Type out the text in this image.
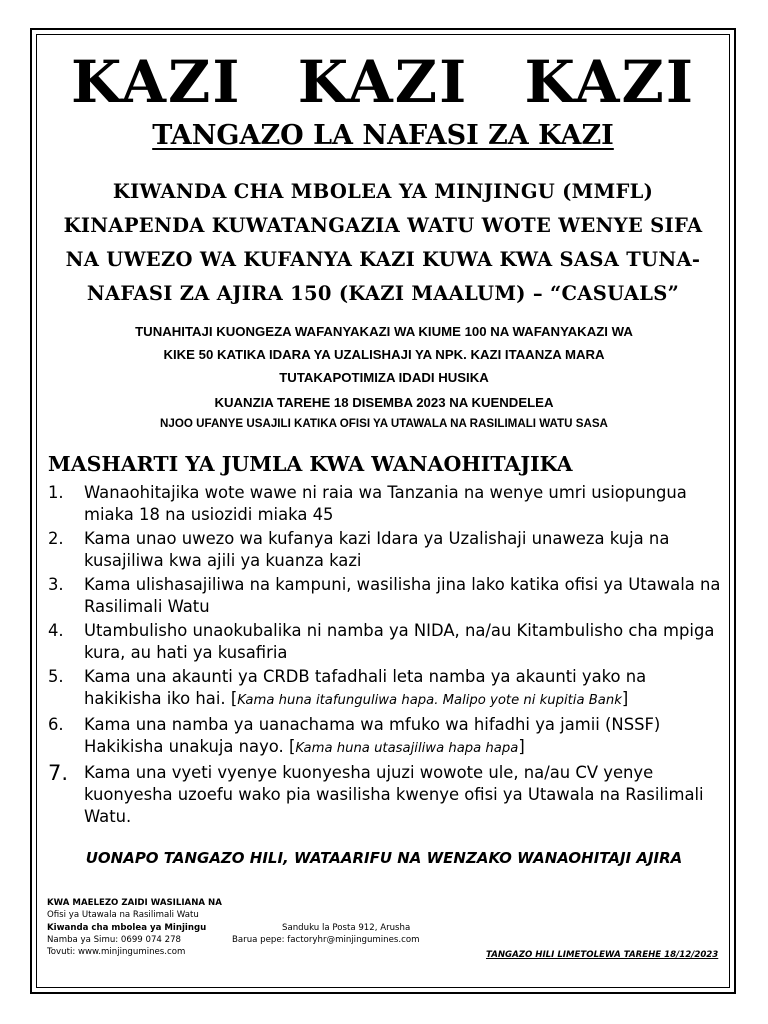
KAZI KAZI KAZI
TANGAZO LA NAFASI ZA KAZI
KIWANDA CHA MBOLEA YA MINJINGU (MMFL)
KINAPENDA KUWATANGAZIA WATU WOTE WENYE SIFA
NA UWEZO WA KUFANYA KAZI KUWA KWA SASA TUNA-
NAFASI ZA AJIRA 150 (KAZI MAALUM) – “CASUALS”
TUNAHITAJI KUONGEZA WAFANYAKAZI WA KIUME 100 NA WAFANYAKAZI WA
KIKE 50 KATIKA IDARA YA UZALISHAJI YA NPK. KAZI ITAANZA MARA
TUTAKAPOTIMIZA IDADI HUSIKA
KUANZIA TAREHE 18 DISEMBA 2023 NA KUENDELEA
NJOO UFANYE USAJILI KATIKA OFISI YA UTAWALA NA RASILIMALI WATU SASA
MASHARTI YA JUMLA KWA WANAOHITAJIKA
1.	Wanaohitajika wote wawe ni raia wa Tanzania na wenye umri usiopungua miaka 18 na usiozidi miaka 45
2.	Kama unao uwezo wa kufanya kazi Idara ya Uzalishaji unaweza kuja na kusajiliwa kwa ajili ya kuanza kazi
3.	Kama ulishasajiliwa na kampuni, wasilisha jina lako katika ofisi ya Utawala na Rasilimali Watu
4.	Utambulisho unaokubalika ni namba ya NIDA, na/au Kitambulisho cha mpiga kura, au hati ya kusafiria
5.	Kama una akaunti ya CRDB tafadhali leta namba ya akaunti yako na hakikisha iko hai. [Kama huna itafunguliwa hapa. Malipo yote ni kupitia Bank]
6.	Kama una namba ya uanachama wa mfuko wa hifadhi ya jamii (NSSF) Hakikisha unakuja nayo. [Kama huna utasajiliwa hapa hapa]
7. Kama una vyeti vyenye kuonyesha ujuzi wowote ule, na/au CV yenye kuonyesha uzoefu wako pia wasilisha kwenye ofisi ya Utawala na Rasilimali Watu.
UONAPO TANGAZO HILI, WATAARIFU NA WENZAKO WANAOHITAJI AJIRA
KWA MAELEZO ZAIDI WASILIANA NA
Ofisi ya Utawala na Rasilimali Watu
Kiwanda cha mbolea ya Minjingu
Namba ya Simu: 0699 074 278
Tovuti: www.minjingumines.com
Sanduku la Posta 912, Arusha
Barua pepe: factoryhr@minjingumines.com
TANGAZO HILI LIMETOLEWA TAREHE 18/12/2023
